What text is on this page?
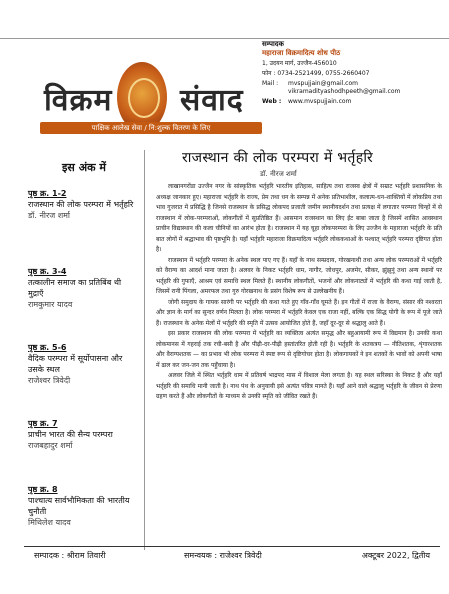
विक्रम संवाद
पाक्षिक आलेख सेवा / नि:शुल्क वितरण के लिए
सम्पादक
महाराजा विक्रमादित्य शोध पीठ
1, उदयन मार्ग, उज्जैन-456010
फोन : 0734-2521499, 0755-2660407
Mail : mvspujjain@gmail.com
vikramadityashodhpeeth@gmail.com
Web : www.mvspujjain.com
इस अंक में
पृष्ठ क्र. 1-2
राजस्थान की लोक परम्परा में भर्तृहरि
डॉ. नीरज शर्मा
पृष्ठ क्र. 3-4
तत्कालीन समाज का प्रतिबिंब थी मुद्राएँ
रामकुमार यादव
पृष्ठ क्र. 5-6
वैदिक परम्परा में सूर्योपासना और उसके स्थल
राजेश्वर त्रिवेदी
पृष्ठ क्र. 7
प्राचीन भारत की सैन्य परम्परा
राजबहादुर शर्मा
पृष्ठ क्र. 8
पाश्चात्य सार्वभौमिकता की भारतीय चुनौती
मिथिलेश यादव
राजस्थान की लोक परम्परा में भर्तृहरि
डॉ. नीरज शर्मा

लाखानगरोंडा उज्जैन नगर के सांस्कृतिक भर्तृहरि भारतीय इतिहास, साहित्य तथा राजस्व क्षेत्रों में सम्राट भर्तृहरि प्रशासनिक के अध्यक्ष जानकार हुए। महाराजा भर्तृहरि के राज्य, प्रेम तथा धन के सम्पन्न में अनेक प्रतिभाशील, कलात्म-धन-शाक्तियों में लोकप्रिय तथा भाव गुजरात में प्रसिद्धि है जिनसे राजस्थान के प्रसिद्ध लोकपद प्रजाती जमीन स्थानीयदर्शन तथा प्रत्यक्ष में लगातार परम्परा चिन्हों में से राजस्थान में लोक-परम्पराओं, लोकगीतों में सुप्रतिष्ठित हैं। आसमान राजस्थान का लिए ईंट बाबा जाता है जिसमें शासित आवस्थान प्राचीन विद्यास्थान की कला चीनियों का आरंभ होता है। राजस्थान में यह चूहा लोकपरम्परा के लिए उज्जैन के महाराजा भर्तृहरि के प्रति बात लोगों में श्रद्धाभाव की पृष्ठभूमि है। यहाँ भर्तृहरि महाराजा विक्रमादित्य भर्तृहरि लोककथाओं के पश्चात् भर्तृहरि परम्परा दृष्टिगत होता है।

राजस्थान में भर्तृहरि परम्परा के अनेक स्थल पाए गए हैं। यहाँ के नाथ सम्प्रदाय, गोरखनाथी तथा अन्य लोक परम्पराओं में भर्तृहरि को वैराग्य का आदर्श माना जाता है। अलवर के निकट भर्तृहरि धाम, नागौर, जोधपुर, अजमेर, सीकर, झुंझुनूं तथा अन्य स्थानों पर भर्तृहरि की गुफाएँ, आश्रम एवं समाधि स्थल मिलते हैं। स्थानीय लोकगीतों, भजनों और लोकनाट्यों में भर्तृहरि की कथा गाई जाती है, जिसमें रानी पिंगला, अमरफल तथा गुरु गोरखनाथ के प्रसंग विशेष रूप से उल्लेखनीय हैं।

जोगी समुदाय के गायक सारंगी पर भर्तृहरि की कथा गाते हुए गाँव-गाँव घूमते हैं। इन गीतों में राजा के वैराग्य, संसार की नश्वरता और ज्ञान के मार्ग का सुन्दर वर्णन मिलता है। लोक परम्परा में भर्तृहरि केवल एक राजा नहीं, बल्कि एक सिद्ध योगी के रूप में पूजे जाते हैं। राजस्थान के अनेक मेलों में भर्तृहरि की स्मृति में उत्सव आयोजित होते हैं, जहाँ दूर-दूर से श्रद्धालु आते हैं।

इस प्रकार राजस्थान की लोक परम्परा में भर्तृहरि का व्यक्तित्व अत्यंत समृद्ध और बहुआयामी रूप में विद्यमान है। उनकी कथा लोकमानस में गहराई तक रची-बसी है और पीढ़ी-दर-पीढ़ी हस्तांतरित होती रही है। भर्तृहरि के शतकत्रय — नीतिशतक, शृंगारशतक और वैराग्यशतक — का प्रभाव भी लोक परम्परा में स्पष्ट रूप से दृष्टिगोचर होता है। लोकगायकों ने इन शतकों के भावों को अपनी भाषा में ढाल कर जन-जन तक पहुँचाया है।

अलवर जिले में स्थित भर्तृहरि धाम में प्रतिवर्ष भाद्रपद मास में विशाल मेला लगता है। यह स्थल सरिस्का के निकट है और यहाँ भर्तृहरि की समाधि मानी जाती है। नाथ पंथ के अनुयायी इसे अत्यंत पवित्र मानते हैं। यहाँ आने वाले श्रद्धालु भर्तृहरि के जीवन से प्रेरणा ग्रहण करते हैं और लोकगीतों के माध्यम से उनकी स्मृति को जीवित रखते हैं।

सम्पादक : श्रीराम तिवारी	समन्वयक : राजेश्वर त्रिवेदी	अक्टूबर 2022, द्वितीय
